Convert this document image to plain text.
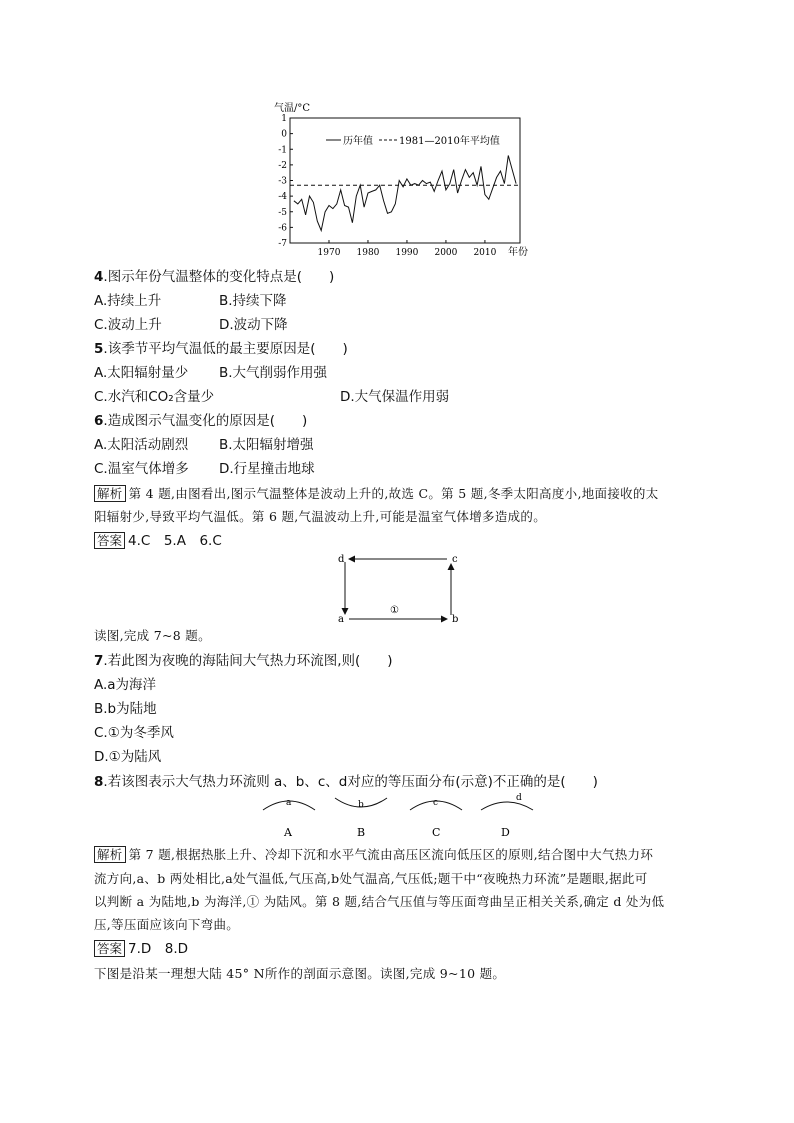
气温/°C
年份
1
0
-1
-2
-3
-4
-5
-6
-7
1970 1980 1990 2000 2010
历年值	1981—2010年平均值
4.图示年份气温整体的变化特点是(　　)
A.持续上升	B.持续下降
C.波动上升	D.波动下降
5.该季节平均气温低的最主要原因是(　　)
A.太阳辐射量少 B.大气削弱作用强
C.水汽和CO₂含量少	D.大气保温作用弱
6.造成图示气温变化的原因是(　　)
A.太阳活动剧烈 B.太阳辐射增强
C.温室气体增多 D.行星撞击地球
解析 第 4 题,由图看出,图示气温整体是波动上升的,故选 C。第 5 题,冬季太阳高度小,地面接收的太
阳辐射少,导致平均气温低。第 6 题,气温波动上升,可能是温室气体增多造成的。
答案 4.C　5.A　6.C
d	c
a	b
①
读图,完成 7~8 题。
7.若此图为夜晚的海陆间大气热力环流图,则(　　)
A.a为海洋
B.b为陆地
C.①为冬季风
D.①为陆风
8.若该图表示大气热力环流则 a、b、c、d对应的等压面分布(示意)不正确的是(　　)
a	b	c	d
A	B	C	D
解析 第 7 题,根据热胀上升、冷却下沉和水平气流由高压区流向低压区的原则,结合图中大气热力环
流方向,a、b 两处相比,a处气温低,气压高,b处气温高,气压低;题干中“夜晚热力环流”是题眼,据此可
以判断 a 为陆地,b 为海洋,① 为陆风。第 8 题,结合气压值与等压面弯曲呈正相关关系,确定 d 处为低
压,等压面应该向下弯曲。
答案 7.D　8.D
下图是沿某一理想大陆 45° N所作的剖面示意图。读图,完成 9~10 题。
